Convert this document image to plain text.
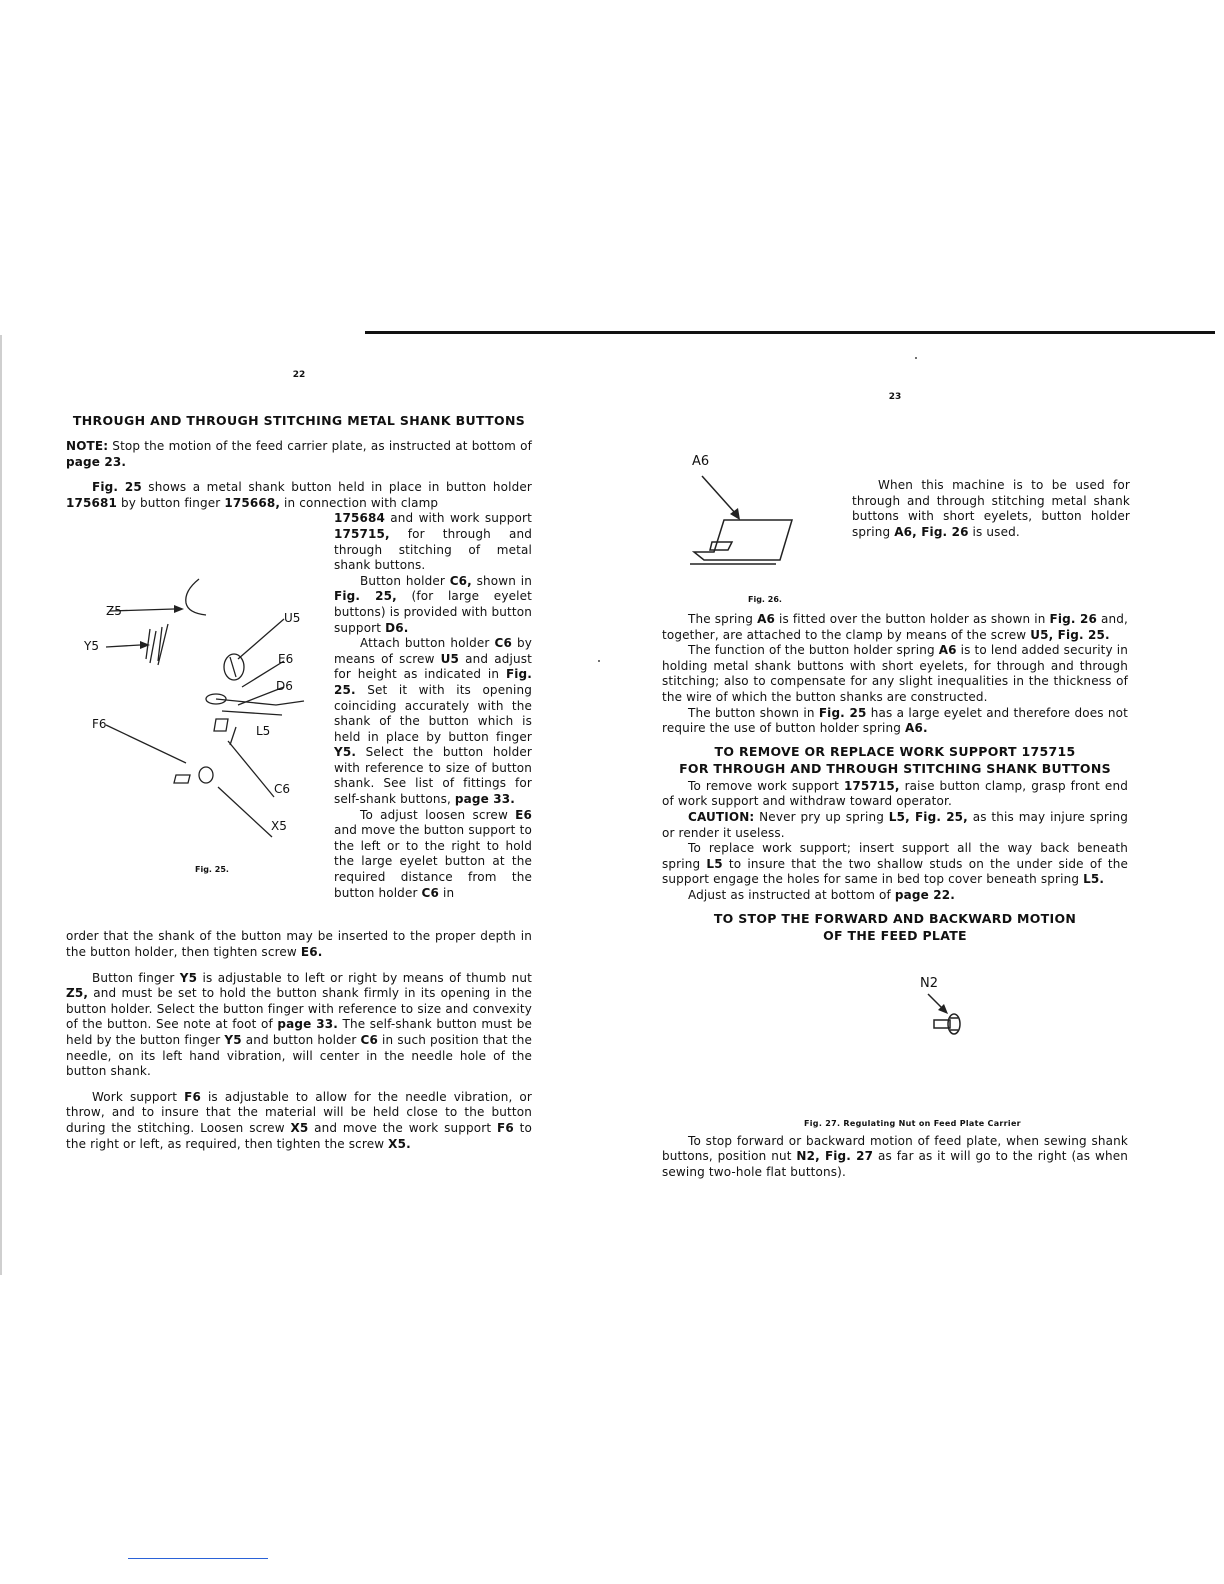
22
THROUGH AND THROUGH STITCHING METAL SHANK BUTTONS

NOTE: Stop the motion of the feed carrier plate, as instructed at bottom of page 23.

Fig. 25 shows a metal shank button held in place in button holder 175681 by button finger 175668, in connection with clamp

Z5
Y5
F6
U5
E6
D6
L5
C6
X5
Fig. 25.

175684 and with work support 175715, for through and through stitching of metal shank buttons.

Button holder C6, shown in Fig. 25, (for large eyelet buttons) is provided with button support D6.

Attach button holder C6 by means of screw U5 and adjust for height as indicated in Fig. 25. Set it with its opening coinciding accurately with the shank of the button which is held in place by button finger Y5. Select the button holder with reference to size of button shank. See list of fittings for self-shank buttons, page 33.

To adjust loosen screw E6 and move the button support to the left or to the right to hold the large eyelet button at the required distance from the button holder C6 in

order that the shank of the button may be inserted to the proper depth in the button holder, then tighten screw E6.

Button finger Y5 is adjustable to left or right by means of thumb nut Z5, and must be set to hold the button shank firmly in its opening in the button holder. Select the button finger with reference to size and convexity of the button. See note at foot of page 33. The self-shank button must be held by the button finger Y5 and button holder C6 in such position that the needle, on its left hand vibration, will center in the needle hole of the button shank.

Work support F6 is adjustable to allow for the needle vibration, or throw, and to insure that the material will be held close to the button during the stitching. Loosen screw X5 and move the work support F6 to the right or left, as required, then tighten the screw X5.

23
A6

When this machine is to be used for through and through stitching metal shank buttons with short eyelets, button holder spring A6, Fig. 26 is used.

Fig. 26.

The spring A6 is fitted over the button holder as shown in Fig. 26 and, together, are attached to the clamp by means of the screw U5, Fig. 25.

The function of the button holder spring A6 is to lend added security in holding metal shank buttons with short eyelets, for through and through stitching; also to compensate for any slight inequalities in the thickness of the wire of which the button shanks are constructed.

The button shown in Fig. 25 has a large eyelet and therefore does not require the use of button holder spring A6.

TO REMOVE OR REPLACE WORK SUPPORT 175715
FOR THROUGH AND THROUGH STITCHING SHANK BUTTONS

To remove work support 175715, raise button clamp, grasp front end of work support and withdraw toward operator.

CAUTION: Never pry up spring L5, Fig. 25, as this may injure spring or render it useless.

To replace work support; insert support all the way back beneath spring L5 to insure that the two shallow studs on the under side of the support engage the holes for same in bed top cover beneath spring L5.

Adjust as instructed at bottom of page 22.

TO STOP THE FORWARD AND BACKWARD MOTION
OF THE FEED PLATE
N2
Fig. 27. Regulating Nut on Feed Plate Carrier

To stop forward or backward motion of feed plate, when sewing shank buttons, position nut N2, Fig. 27 as far as it will go to the right (as when sewing two-hole flat buttons).
